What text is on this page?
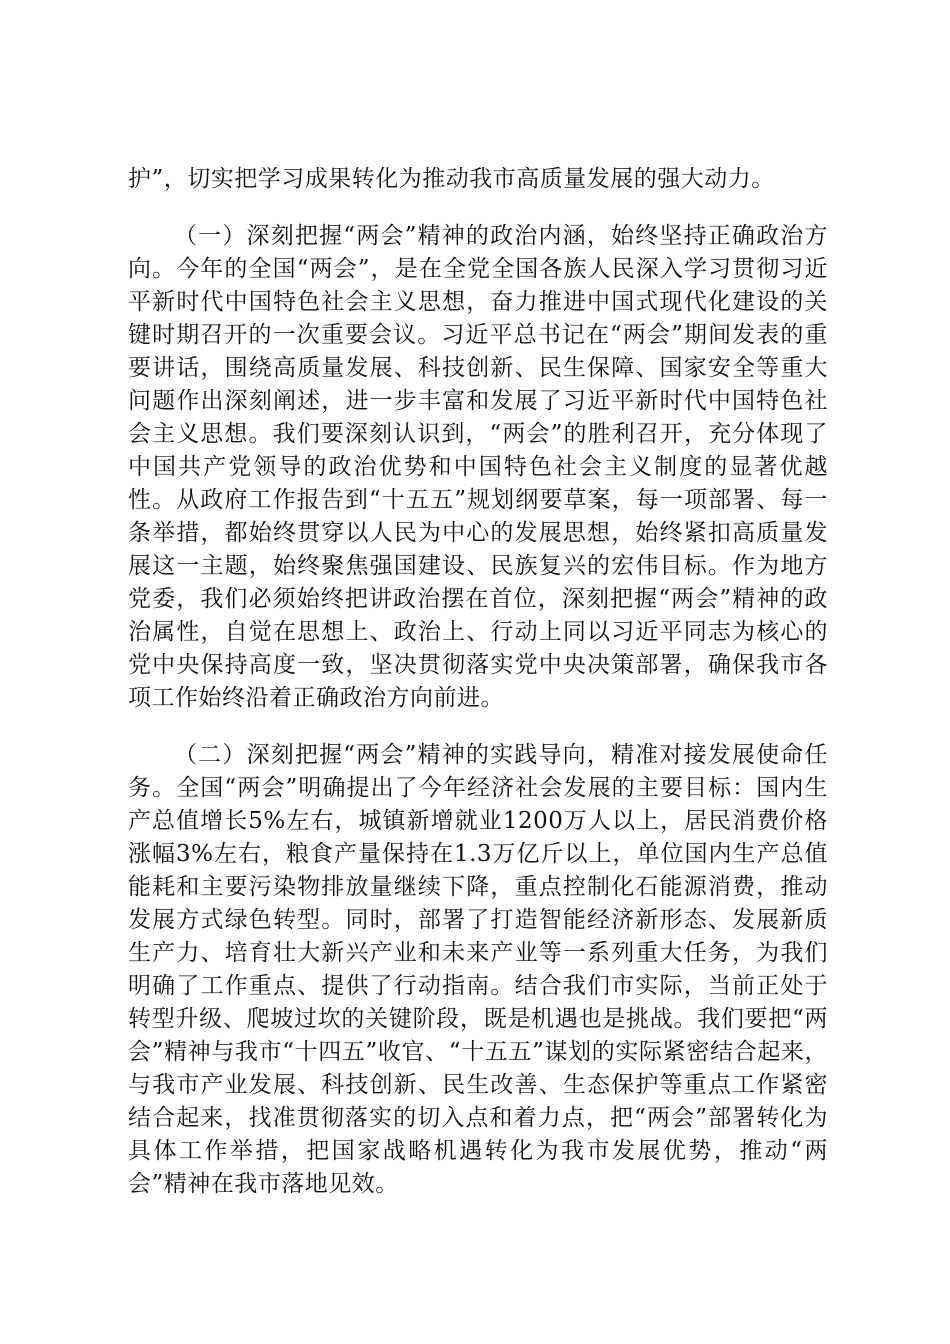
护”，切实把学习成果转化为推动我市高质量发展的强大动力。

（一）深刻把握“两会”精神的政治内涵，始终坚持正确政治方向。今年的全国“两会”，是在全党全国各族人民深入学习贯彻习近平新时代中国特色社会主义思想，奋力推进中国式现代化建设的关键时期召开的一次重要会议。习近平总书记在“两会”期间发表的重要讲话，围绕高质量发展、科技创新、民生保障、国家安全等重大问题作出深刻阐述，进一步丰富和发展了习近平新时代中国特色社会主义思想。我们要深刻认识到，“两会”的胜利召开，充分体现了中国共产党领导的政治优势和中国特色社会主义制度的显著优越性。从政府工作报告到“十五五”规划纲要草案，每一项部署、每一条举措，都始终贯穿以人民为中心的发展思想，始终紧扣高质量发展这一主题，始终聚焦强国建设、民族复兴的宏伟目标。作为地方党委，我们必须始终把讲政治摆在首位，深刻把握“两会”精神的政治属性，自觉在思想上、政治上、行动上同以习近平同志为核心的党中央保持高度一致，坚决贯彻落实党中央决策部署，确保我市各项工作始终沿着正确政治方向前进。

（二）深刻把握“两会”精神的实践导向，精准对接发展使命任务。全国“两会”明确提出了今年经济社会发展的主要目标：国内生产总值增长5%左右，城镇新增就业1200万人以上，居民消费价格涨幅3%左右，粮食产量保持在1.3万亿斤以上，单位国内生产总值能耗和主要污染物排放量继续下降，重点控制化石能源消费，推动发展方式绿色转型。同时，部署了打造智能经济新形态、发展新质生产力、培育壮大新兴产业和未来产业等一系列重大任务，为我们明确了工作重点、提供了行动指南。结合我们市实际，当前正处于转型升级、爬坡过坎的关键阶段，既是机遇也是挑战。我们要把“两会”精神与我市“十四五”收官、“十五五”谋划的实际紧密结合起来，与我市产业发展、科技创新、民生改善、生态保护等重点工作紧密结合起来，找准贯彻落实的切入点和着力点，把“两会”部署转化为具体工作举措，把国家战略机遇转化为我市发展优势，推动“两会”精神在我市落地见效。
